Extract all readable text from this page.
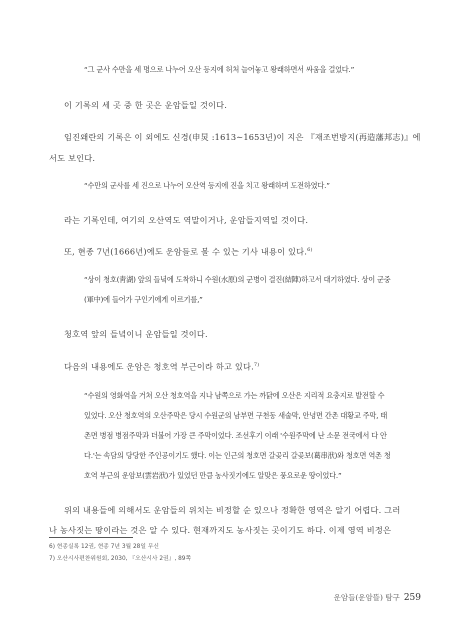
“그 군사 수만을 세 명으로 나누어 오산 등지에 허처 늘어놓고 왕래하면서 싸움을 걸었다.”
이 기록의 세 곳 중 한 곳은 운암들일 것이다.
임진왜란의 기록은 이 외에도 신경(申炅 :1613∼1653년)이 지은 『재조번방지(再造藩邦志)』에
서도 보인다.
“수만의 군사를 세 진으로 나누어 오산역 등지에 진을 치고 왕래하며 도전하였다.”
라는 기록인데, 여기의 오산역도 역말이거나, 운암들지역일 것이다.
또, 현종 7년(1666년)에도 운암들로 볼 수 있는 기사 내용이 있다.$^{6)}$
“상이 청호(靑湖) 앞의 들녘에 도착하니 수원(水原)의 군병이 결진(結陣)하고서 대기하였다. 상이 군중
(軍中)에 들어가 구인기에게 이르기를,”
청호역 앞의 들녘이니 운암들일 것이다.
다음의 내용에도 운암은 청호역 부근이라 하고 있다.$^{7)}$
“수원의 영화역을 거쳐 오산 청호역을 지나 남쪽으로 가는 까닭에 오산은 지리적 요충지로 발전할 수
있었다. 오산 청호역의 오산주막은 당시 수원군의 남부면 구천동 새술막, 안녕면 간촌 대황교 주막, 태
촌면 병점 병점주막과 더불어 가장 큰 주막이었다. 조선후기 이래 '수원주막에 난 소문 전국에서 다 안
다.'는 속담의 당당한 주인공이기도 했다. 이는 인근의 청호면 갈곶리 갈곶보(葛串洑)와 청호면 역촌 청
호역 부근의 운암보(雲岩洑)가 있었던 만큼 농사짓기에도 알맞은 풍요로운 땅이었다.”
위의 내용들에 의해서도 운암들의 위치는 비정할 순 있으나 정확한 영역은 알기 어렵다. 그러
나 농사짓는 땅이라는 것은 알 수 있다. 현재까지도 농사짓는 곳이기도 하다. 이제 영역 비정은
6) 현종실록 12권, 현종 7년 3월 28일 무신
7) 오산시사편찬위원회, 2030, 『오산시사 2권』, 89쪽
운암들(운암뜰) 탐구 259
